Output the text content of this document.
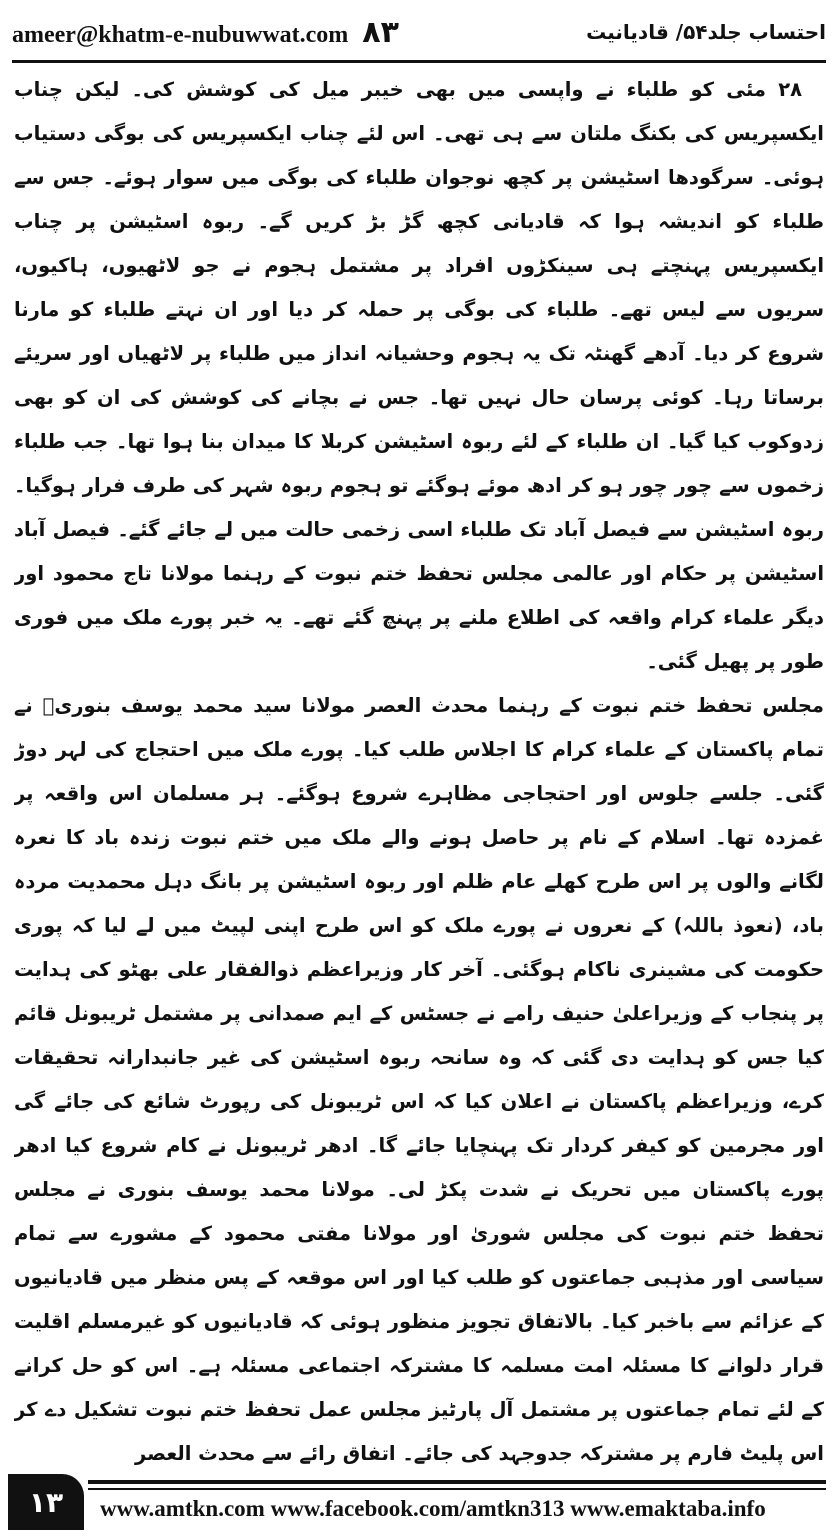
ameer@khatm-e-nubuwwat.com ۸۳	احتساب جلد۵۴/ قادیانیت

۲۸ مئی کو طلباء نے واپسی میں بھی خیبر میل کی کوشش کی۔ لیکن چناب ایکسپریس کی بکنگ ملتان سے ہی تھی۔ اس لئے چناب ایکسپریس کی بوگی دستیاب ہوئی۔ سرگودھا اسٹیشن پر کچھ نوجوان طلباء کی بوگی میں سوار ہوئے۔ جس سے طلباء کو اندیشہ ہوا کہ قادیانی کچھ گڑ بڑ کریں گے۔ ربوہ اسٹیشن پر چناب ایکسپریس پہنچتے ہی سینکڑوں افراد پر مشتمل ہجوم نے جو لاٹھیوں، ہاکیوں، سریوں سے لیس تھے۔ طلباء کی بوگی پر حملہ کر دیا اور ان نہتے طلباء کو مارنا شروع کر دیا۔ آدھے گھنٹہ تک یہ ہجوم وحشیانہ انداز میں طلباء پر لاٹھیاں اور سریئے برساتا رہا۔ کوئی پرسان حال نہیں تھا۔ جس نے بچانے کی کوشش کی ان کو بھی زدوکوب کیا گیا۔ ان طلباء کے لئے ربوہ اسٹیشن کربلا کا میدان بنا ہوا تھا۔ جب طلباء زخموں سے چور چور ہو کر ادھ موئے ہوگئے تو ہجوم ربوہ شہر کی طرف فرار ہوگیا۔ ربوہ اسٹیشن سے فیصل آباد تک طلباء اسی زخمی حالت میں لے جائے گئے۔ فیصل آباد اسٹیشن پر حکام اور عالمی مجلس تحفظ ختم نبوت کے رہنما مولانا تاج محمود اور دیگر علماء کرام واقعہ کی اطلاع ملنے پر پہنچ گئے تھے۔ یہ خبر پورے ملک میں فوری طور پر پھیل گئی۔

مجلس تحفظ ختم نبوت کے رہنما محدث العصر مولانا سید محمد یوسف بنوریؒ نے تمام پاکستان کے علماء کرام کا اجلاس طلب کیا۔ پورے ملک میں احتجاج کی لہر دوڑ گئی۔ جلسے جلوس اور احتجاجی مظاہرے شروع ہوگئے۔ ہر مسلمان اس واقعہ پر غمزدہ تھا۔ اسلام کے نام پر حاصل ہونے والے ملک میں ختم نبوت زندہ باد کا نعرہ لگانے والوں پر اس طرح کھلے عام ظلم اور ربوہ اسٹیشن پر بانگ دہل محمدیت مردہ باد، (نعوذ باللہ) کے نعروں نے پورے ملک کو اس طرح اپنی لپیٹ میں لے لیا کہ پوری حکومت کی مشینری ناکام ہوگئی۔ آخر کار وزیراعظم ذوالفقار علی بھٹو کی ہدایت پر پنجاب کے وزیراعلیٰ حنیف رامے نے جسٹس کے ایم صمدانی پر مشتمل ٹریبونل قائم کیا جس کو ہدایت دی گئی کہ وہ سانحہ ربوہ اسٹیشن کی غیر جانبدارانہ تحقیقات کرے، وزیراعظم پاکستان نے اعلان کیا کہ اس ٹریبونل کی رپورٹ شائع کی جائے گی اور مجرمین کو کیفر کردار تک پہنچایا جائے گا۔ ادھر ٹریبونل نے کام شروع کیا ادھر پورے پاکستان میں تحریک نے شدت پکڑ لی۔ مولانا محمد یوسف بنوری نے مجلس تحفظ ختم نبوت کی مجلس شوریٰ اور مولانا مفتی محمود کے مشورے سے تمام سیاسی اور مذہبی جماعتوں کو طلب کیا اور اس موقعہ کے پس منظر میں قادیانیوں کے عزائم سے باخبر کیا۔ بالاتفاق تجویز منظور ہوئی کہ قادیانیوں کو غیرمسلم اقلیت قرار دلوانے کا مسئلہ امت مسلمہ کا مشترکہ اجتماعی مسئلہ ہے۔ اس کو حل کرانے کے لئے تمام جماعتوں پر مشتمل آل پارٹیز مجلس عمل تحفظ ختم نبوت تشکیل دے کر اس پلیٹ فارم پر مشترکہ جدوجہد کی جائے۔ اتفاق رائے سے محدث العصر

۱۳	www.amtkn.com www.facebook.com/amtkn313 www.emaktaba.info
